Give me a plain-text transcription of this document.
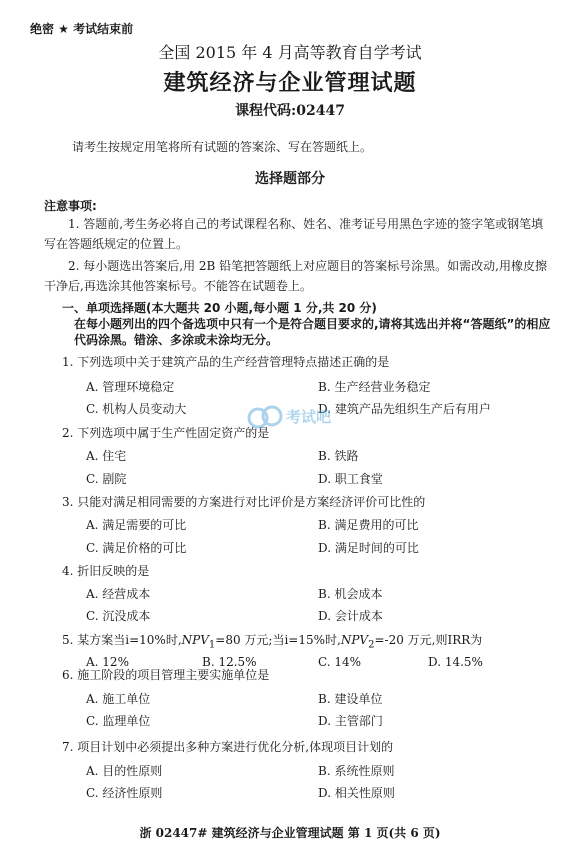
绝密 ★ 考试结束前
全国 2015 年 4 月高等教育自学考试
建筑经济与企业管理试题
课程代码:02447
请考生按规定用笔将所有试题的答案涂、写在答题纸上。
选择题部分
注意事项:
1. 答题前,考生务必将自己的考试课程名称、姓名、准考证号用黑色字迹的签字笔或钢笔填写在答题纸规定的位置上。
2. 每小题选出答案后,用 2B 铅笔把答题纸上对应题目的答案标号涂黑。如需改动,用橡皮擦干净后,再选涂其他答案标号。不能答在试题卷上。
一、单项选择题(本大题共 20 小题,每小题 1 分,共 20 分)
在每小题列出的四个备选项中只有一个是符合题目要求的,请将其选出并将“答题纸”的相应代码涂黑。错涂、多涂或未涂均无分。
1. 下列选项中关于建筑产品的生产经营管理特点描述正确的是
A. 管理环境稳定	B. 生产经营业务稳定
C. 机构人员变动大	D. 建筑产品先组织生产后有用户
2. 下列选项中属于生产性固定资产的是
A. 住宅	B. 铁路
C. 剧院	D. 职工食堂
3. 只能对满足相同需要的方案进行对比评价是方案经济评价可比性的
A. 满足需要的可比	B. 满足费用的可比
C. 满足价格的可比	D. 满足时间的可比
4. 折旧反映的是
A. 经营成本	B. 机会成本
C. 沉没成本	D. 会计成本
5. 某方案当i=10%时$,NPV_1=80$ 万元;当i=15%时$,NPV_2=-20$ 万元,则IRR为
A. 12%	B. 12.5%	C. 14%	D. 14.5%
6. 施工阶段的项目管理主要实施单位是
A. 施工单位	B. 建设单位
C. 监理单位	D. 主管部门
7. 项目计划中必须提出多种方案进行优化分析,体现项目计划的
A. 目的性原则	B. 系统性原则
C. 经济性原则	D. 相关性原则
浙 02447# 建筑经济与企业管理试题 第 1 页(共 6 页)
考试吧
